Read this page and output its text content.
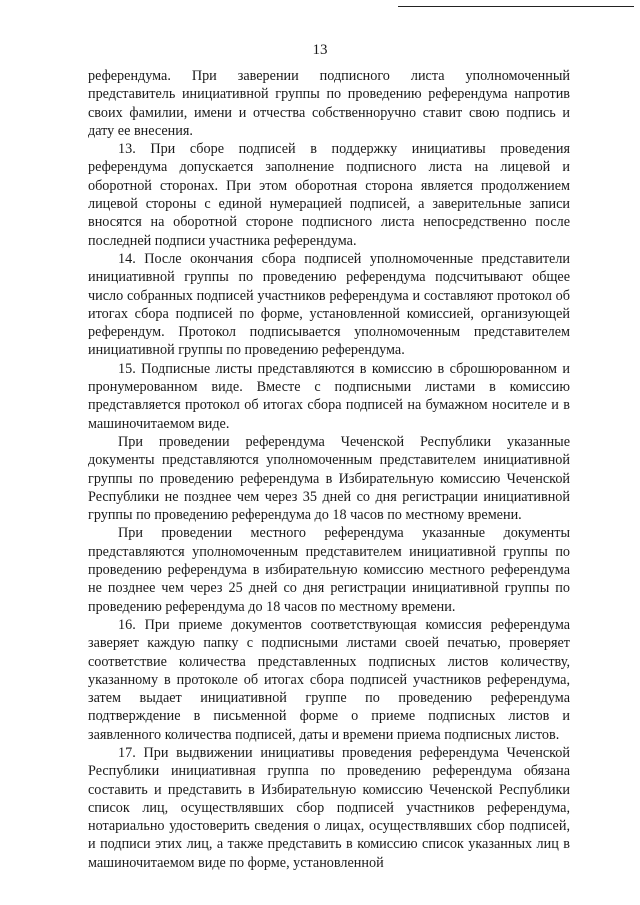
13

референдума. При заверении подписного листа уполномоченный представитель инициативной группы по проведению референдума напротив своих фамилии, имени и отчества собственноручно ставит свою подпись и дату ее внесения.

13. При сборе подписей в поддержку инициативы проведения референдума допускается заполнение подписного листа на лицевой и оборотной сторонах. При этом оборотная сторона является продолжением лицевой стороны с единой нумерацией подписей, а заверительные записи вносятся на оборотной стороне подписного листа непосредственно после последней подписи участника референдума.

14. После окончания сбора подписей уполномоченные представители инициативной группы по проведению референдума подсчитывают общее число собранных подписей участников референдума и составляют протокол об итогах сбора подписей по форме, установленной комиссией, организующей референдум. Протокол подписывается уполномоченным представителем инициативной группы по проведению референдума.

15. Подписные листы представляются в комиссию в сброшюрованном и пронумерованном виде. Вместе с подписными листами в комиссию представляется протокол об итогах сбора подписей на бумажном носителе и в машиночитаемом виде.

При проведении референдума Чеченской Республики указанные документы представляются уполномоченным представителем инициативной группы по проведению референдума в Избирательную комиссию Чеченской Республики не позднее чем через 35 дней со дня регистрации инициативной группы по проведению референдума до 18 часов по местному времени.

При проведении местного референдума указанные документы представляются уполномоченным представителем инициативной группы по проведению референдума в избирательную комиссию местного референдума не позднее чем через 25 дней со дня регистрации инициативной группы по проведению референдума до 18 часов по местному времени.

16. При приеме документов соответствующая комиссия референдума заверяет каждую папку с подписными листами своей печатью, проверяет соответствие количества представленных подписных листов количеству, указанному в протоколе об итогах сбора подписей участников референдума, затем выдает инициативной группе по проведению референдума подтверждение в письменной форме о приеме подписных листов и заявленного количества подписей, даты и времени приема подписных листов.

17. При выдвижении инициативы проведения референдума Чеченской Республики инициативная группа по проведению референдума обязана составить и представить в Избирательную комиссию Чеченской Республики список лиц, осуществлявших сбор подписей участников референдума, нотариально удостоверить сведения о лицах, осуществлявших сбор подписей, и подписи этих лиц, а также представить в комиссию список указанных лиц в машиночитаемом виде по форме, установленной
